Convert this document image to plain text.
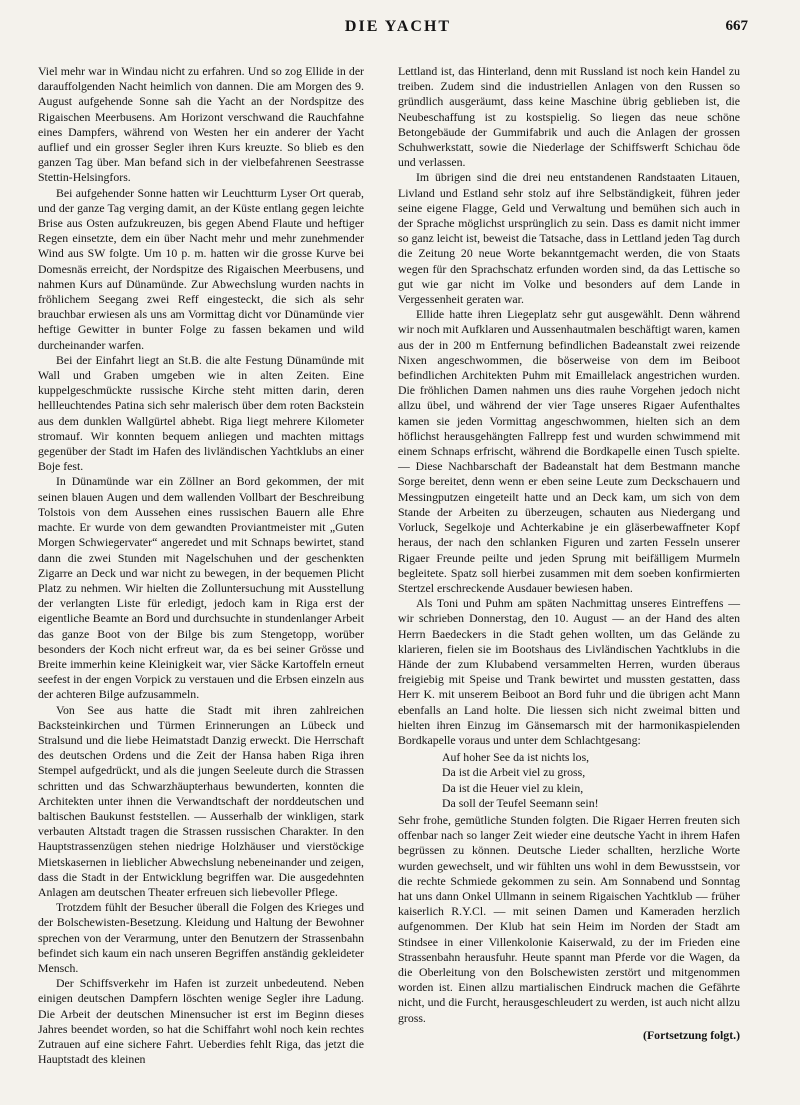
DIE YACHT	667

Viel mehr war in Windau nicht zu erfahren. Und so zog Ellide in der darauffolgenden Nacht heimlich von dannen. Die am Morgen des 9. August aufgehende Sonne sah die Yacht an der Nordspitze des Rigaischen Meerbusens. Am Horizont verschwand die Rauchfahne eines Dampfers, während von Westen her ein anderer der Yacht auflief und ein grosser Segler ihren Kurs kreuzte. So blieb es den ganzen Tag über. Man befand sich in der vielbefahrenen Seestrasse Stettin-Helsingfors.

Bei aufgehender Sonne hatten wir Leuchtturm Lyser Ort querab, und der ganze Tag verging damit, an der Küste entlang gegen leichte Brise aus Osten aufzukreuzen, bis gegen Abend Flaute und heftiger Regen einsetzte, dem ein über Nacht mehr und mehr zunehmender Wind aus SW folgte. Um 10 p. m. hatten wir die grosse Kurve bei Domesnäs erreicht, der Nordspitze des Rigaischen Meerbusens, und nahmen Kurs auf Dünamünde. Zur Abwechslung wurden nachts in fröhlichem Seegang zwei Reff eingesteckt, die sich als sehr brauchbar erwiesen als uns am Vormittag dicht vor Dünamünde vier heftige Gewitter in bunter Folge zu fassen bekamen und wild durcheinander warfen.

Bei der Einfahrt liegt an St.B. die alte Festung Dünamünde mit Wall und Graben umgeben wie in alten Zeiten. Eine kuppelgeschmückte russische Kirche steht mitten darin, deren hellleuchtendes Patina sich sehr malerisch über dem roten Backstein aus dem dunklen Wallgürtel abhebt. Riga liegt mehrere Kilometer stromauf. Wir konnten bequem anliegen und machten mittags gegenüber der Stadt im Hafen des livländischen Yachtklubs an einer Boje fest.

In Dünamünde war ein Zöllner an Bord gekommen, der mit seinen blauen Augen und dem wallenden Vollbart der Beschreibung Tolstois von dem Aussehen eines russischen Bauern alle Ehre machte. Er wurde von dem gewandten Proviantmeister mit „Guten Morgen Schwiegervater“ angeredet und mit Schnaps bewirtet, stand dann die zwei Stunden mit Nagelschuhen und der geschenkten Zigarre an Deck und war nicht zu bewegen, in der bequemen Plicht Platz zu nehmen. Wir hielten die Zolluntersuchung mit Ausstellung der verlangten Liste für erledigt, jedoch kam in Riga erst der eigentliche Beamte an Bord und durchsuchte in stundenlanger Arbeit das ganze Boot von der Bilge bis zum Stengetopp, worüber besonders der Koch nicht erfreut war, da es bei seiner Grösse und Breite immerhin keine Kleinigkeit war, vier Säcke Kartoffeln erneut seefest in der engen Vorpick zu verstauen und die Erbsen einzeln aus der achteren Bilge aufzusammeln.

Von See aus hatte die Stadt mit ihren zahlreichen Backsteinkirchen und Türmen Erinnerungen an Lübeck und Stralsund und die liebe Heimatstadt Danzig erweckt. Die Herrschaft des deutschen Ordens und die Zeit der Hansa haben Riga ihren Stempel aufgedrückt, und als die jungen Seeleute durch die Strassen schritten und das Schwarzhäupterhaus bewunderten, konnten die Architekten unter ihnen die Verwandtschaft der norddeutschen und baltischen Baukunst feststellen. — Ausserhalb der winkligen, stark verbauten Altstadt tragen die Strassen russischen Charakter. In den Hauptstrassenzügen stehen niedrige Holzhäuser und vierstöckige Mietskasernen in lieblicher Abwechslung nebeneinander und zeigen, dass die Stadt in der Entwicklung begriffen war. Die ausgedehnten Anlagen am deutschen Theater erfreuen sich liebevoller Pflege.

Trotzdem fühlt der Besucher überall die Folgen des Krieges und der Bolschewisten-Besetzung. Kleidung und Haltung der Bewohner sprechen von der Verarmung, unter den Benutzern der Strassenbahn befindet sich kaum ein nach unseren Begriffen anständig gekleideter Mensch.

Der Schiffsverkehr im Hafen ist zurzeit unbedeutend. Neben einigen deutschen Dampfern löschten wenige Segler ihre Ladung. Die Arbeit der deutschen Minensucher ist erst im Beginn dieses Jahres beendet worden, so hat die Schiffahrt wohl noch kein rechtes Zutrauen auf eine sichere Fahrt. Ueberdies fehlt Riga, das jetzt die Hauptstadt des kleinen

Lettland ist, das Hinterland, denn mit Russland ist noch kein Handel zu treiben. Zudem sind die industriellen Anlagen von den Russen so gründlich ausgeräumt, dass keine Maschine übrig geblieben ist, die Neubeschaffung ist zu kostspielig. So liegen das neue schöne Betongebäude der Gummifabrik und auch die Anlagen der grossen Schuhwerkstatt, sowie die Niederlage der Schiffswerft Schichau öde und verlassen.

Im übrigen sind die drei neu entstandenen Randstaaten Litauen, Livland und Estland sehr stolz auf ihre Selbständigkeit, führen jeder seine eigene Flagge, Geld und Verwaltung und bemühen sich auch in der Sprache möglichst ursprünglich zu sein. Dass es damit nicht immer so ganz leicht ist, beweist die Tatsache, dass in Lettland jeden Tag durch die Zeitung 20 neue Worte bekanntgemacht werden, die von Staats wegen für den Sprachschatz erfunden worden sind, da das Lettische so gut wie gar nicht im Volke und besonders auf dem Lande in Vergessenheit geraten war.

Ellide hatte ihren Liegeplatz sehr gut ausgewählt. Denn während wir noch mit Aufklaren und Aussenhautmalen beschäftigt waren, kamen aus der in 200 m Entfernung befindlichen Badeanstalt zwei reizende Nixen angeschwommen, die böserweise von dem im Beiboot befindlichen Architekten Puhm mit Emaillelack angestrichen wurden. Die fröhlichen Damen nahmen uns dies rauhe Vorgehen jedoch nicht allzu übel, und während der vier Tage unseres Rigaer Aufenthaltes kamen sie jeden Vormittag angeschwommen, hielten sich an dem höflichst herausgehängten Fallrepp fest und wurden schwimmend mit einem Schnaps erfrischt, während die Bordkapelle einen Tusch spielte. — Diese Nachbarschaft der Badeanstalt hat dem Bestmann manche Sorge bereitet, denn wenn er eben seine Leute zum Deckschauern und Messingputzen eingeteilt hatte und an Deck kam, um sich von dem Stande der Arbeiten zu überzeugen, schauten aus Niedergang und Vorluck, Segelkoje und Achterkabine je ein gläserbewaffneter Kopf heraus, der nach den schlanken Figuren und zarten Fesseln unserer Rigaer Freunde peilte und jeden Sprung mit beifälligem Murmeln begleitete. Spatz soll hierbei zusammen mit dem soeben konfirmierten Stertzel erschreckende Ausdauer bewiesen haben.

Als Toni und Puhm am späten Nachmittag unseres Eintreffens — wir schrieben Donnerstag, den 10. August — an der Hand des alten Herrn Baedeckers in die Stadt gehen wollten, um das Gelände zu klarieren, fielen sie im Bootshaus des Livländischen Yachtklubs in die Hände der zum Klubabend versammelten Herren, wurden überaus freigiebig mit Speise und Trank bewirtet und mussten gestatten, dass Herr K. mit unserem Beiboot an Bord fuhr und die übrigen acht Mann ebenfalls an Land holte. Die liessen sich nicht zweimal bitten und hielten ihren Einzug im Gänsemarsch mit der harmonikaspielenden Bordkapelle voraus und unter dem Schlachtgesang:

Auf hoher See da ist nichts los,
Da ist die Arbeit viel zu gross,
Da ist die Heuer viel zu klein,
Da soll der Teufel Seemann sein!

Sehr frohe, gemütliche Stunden folgten. Die Rigaer Herren freuten sich offenbar nach so langer Zeit wieder eine deutsche Yacht in ihrem Hafen begrüssen zu können. Deutsche Lieder schallten, herzliche Worte wurden gewechselt, und wir fühlten uns wohl in dem Bewusstsein, vor die rechte Schmiede gekommen zu sein. Am Sonnabend und Sonntag hat uns dann Onkel Ullmann in seinem Rigaischen Yachtklub — früher kaiserlich R.Y.Cl. — mit seinen Damen und Kameraden herzlich aufgenommen. Der Klub hat sein Heim im Norden der Stadt am Stindsee in einer Villenkolonie Kaiserwald, zu der im Frieden eine Strassenbahn herausfuhr. Heute spannt man Pferde vor die Wagen, da die Oberleitung von den Bolschewisten zerstört und mitgenommen worden ist. Einen allzu martialischen Eindruck machen die Gefährte nicht, und die Furcht, herausgeschleudert zu werden, ist auch nicht allzu gross.

(Fortsetzung folgt.)
